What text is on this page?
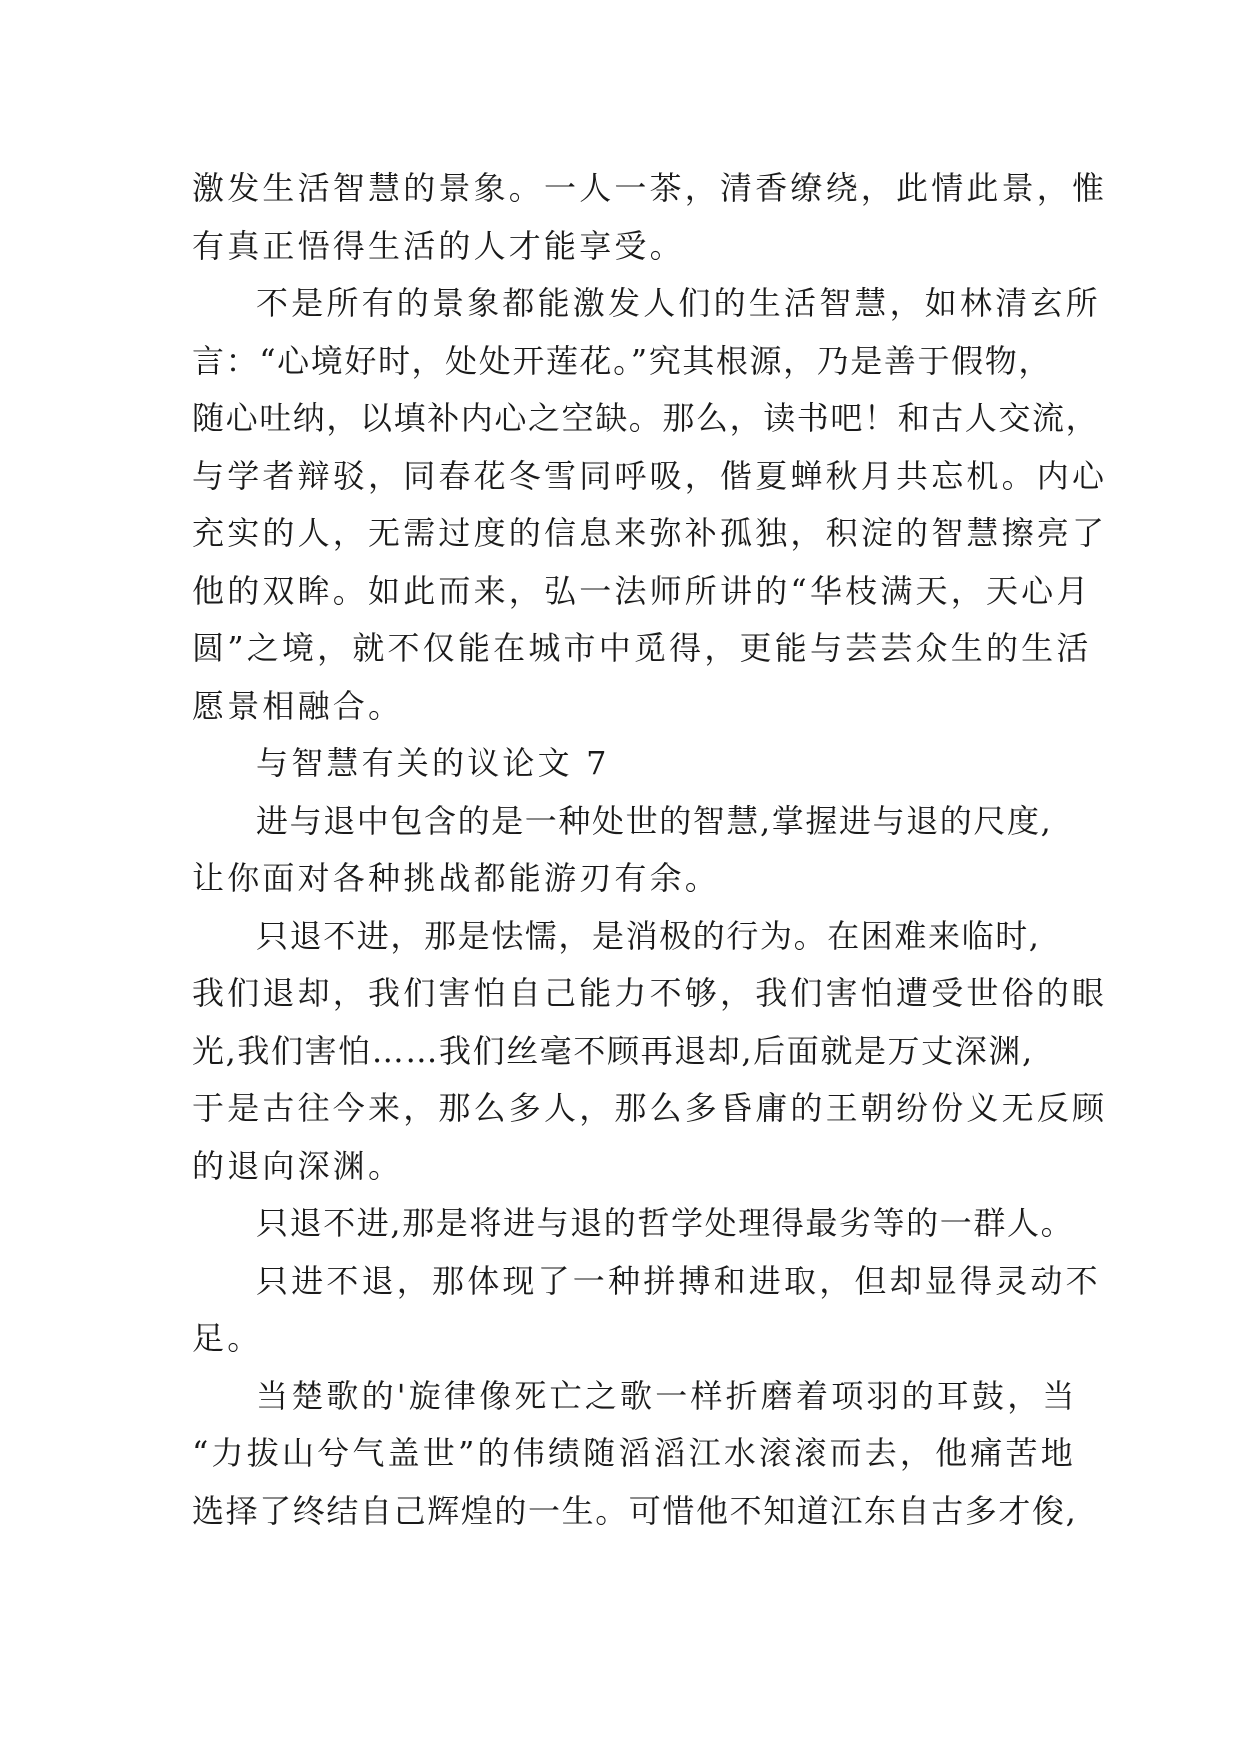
激发生活智慧的景象。一人一茶，清香缭绕，此情此景，惟
有真正悟得生活的人才能享受。
不是所有的景象都能激发人们的生活智慧，如林清玄所
言：“心境好时，处处开莲花。”究其根源，乃是善于假物，
随心吐纳，以填补内心之空缺。那么，读书吧！和古人交流，
与学者辩驳，同春花冬雪同呼吸，偕夏蝉秋月共忘机。内心
充实的人，无需过度的信息来弥补孤独，积淀的智慧擦亮了
他的双眸。如此而来，弘一法师所讲的“华枝满天，天心月
圆”之境，就不仅能在城市中觅得，更能与芸芸众生的生活
愿景相融合。
与智慧有关的议论文 7
进与退中包含的是一种处世的智慧,掌握进与退的尺度,
让你面对各种挑战都能游刃有余。
只退不进，那是怯懦，是消极的行为。在困难来临时,
我们退却，我们害怕自己能力不够，我们害怕遭受世俗的眼
光,我们害怕……我们丝毫不顾再退却,后面就是万丈深渊,
于是古往今来，那么多人，那么多昏庸的王朝纷份义无反顾
的退向深渊。
只退不进,那是将进与退的哲学处理得最劣等的一群人。
只进不退，那体现了一种拼搏和进取，但却显得灵动不
足。
当楚歌的'旋律像死亡之歌一样折磨着项羽的耳鼓，当
“力拔山兮气盖世”的伟绩随滔滔江水滚滚而去，他痛苦地
选择了终结自己辉煌的一生。可惜他不知道江东自古多才俊,
